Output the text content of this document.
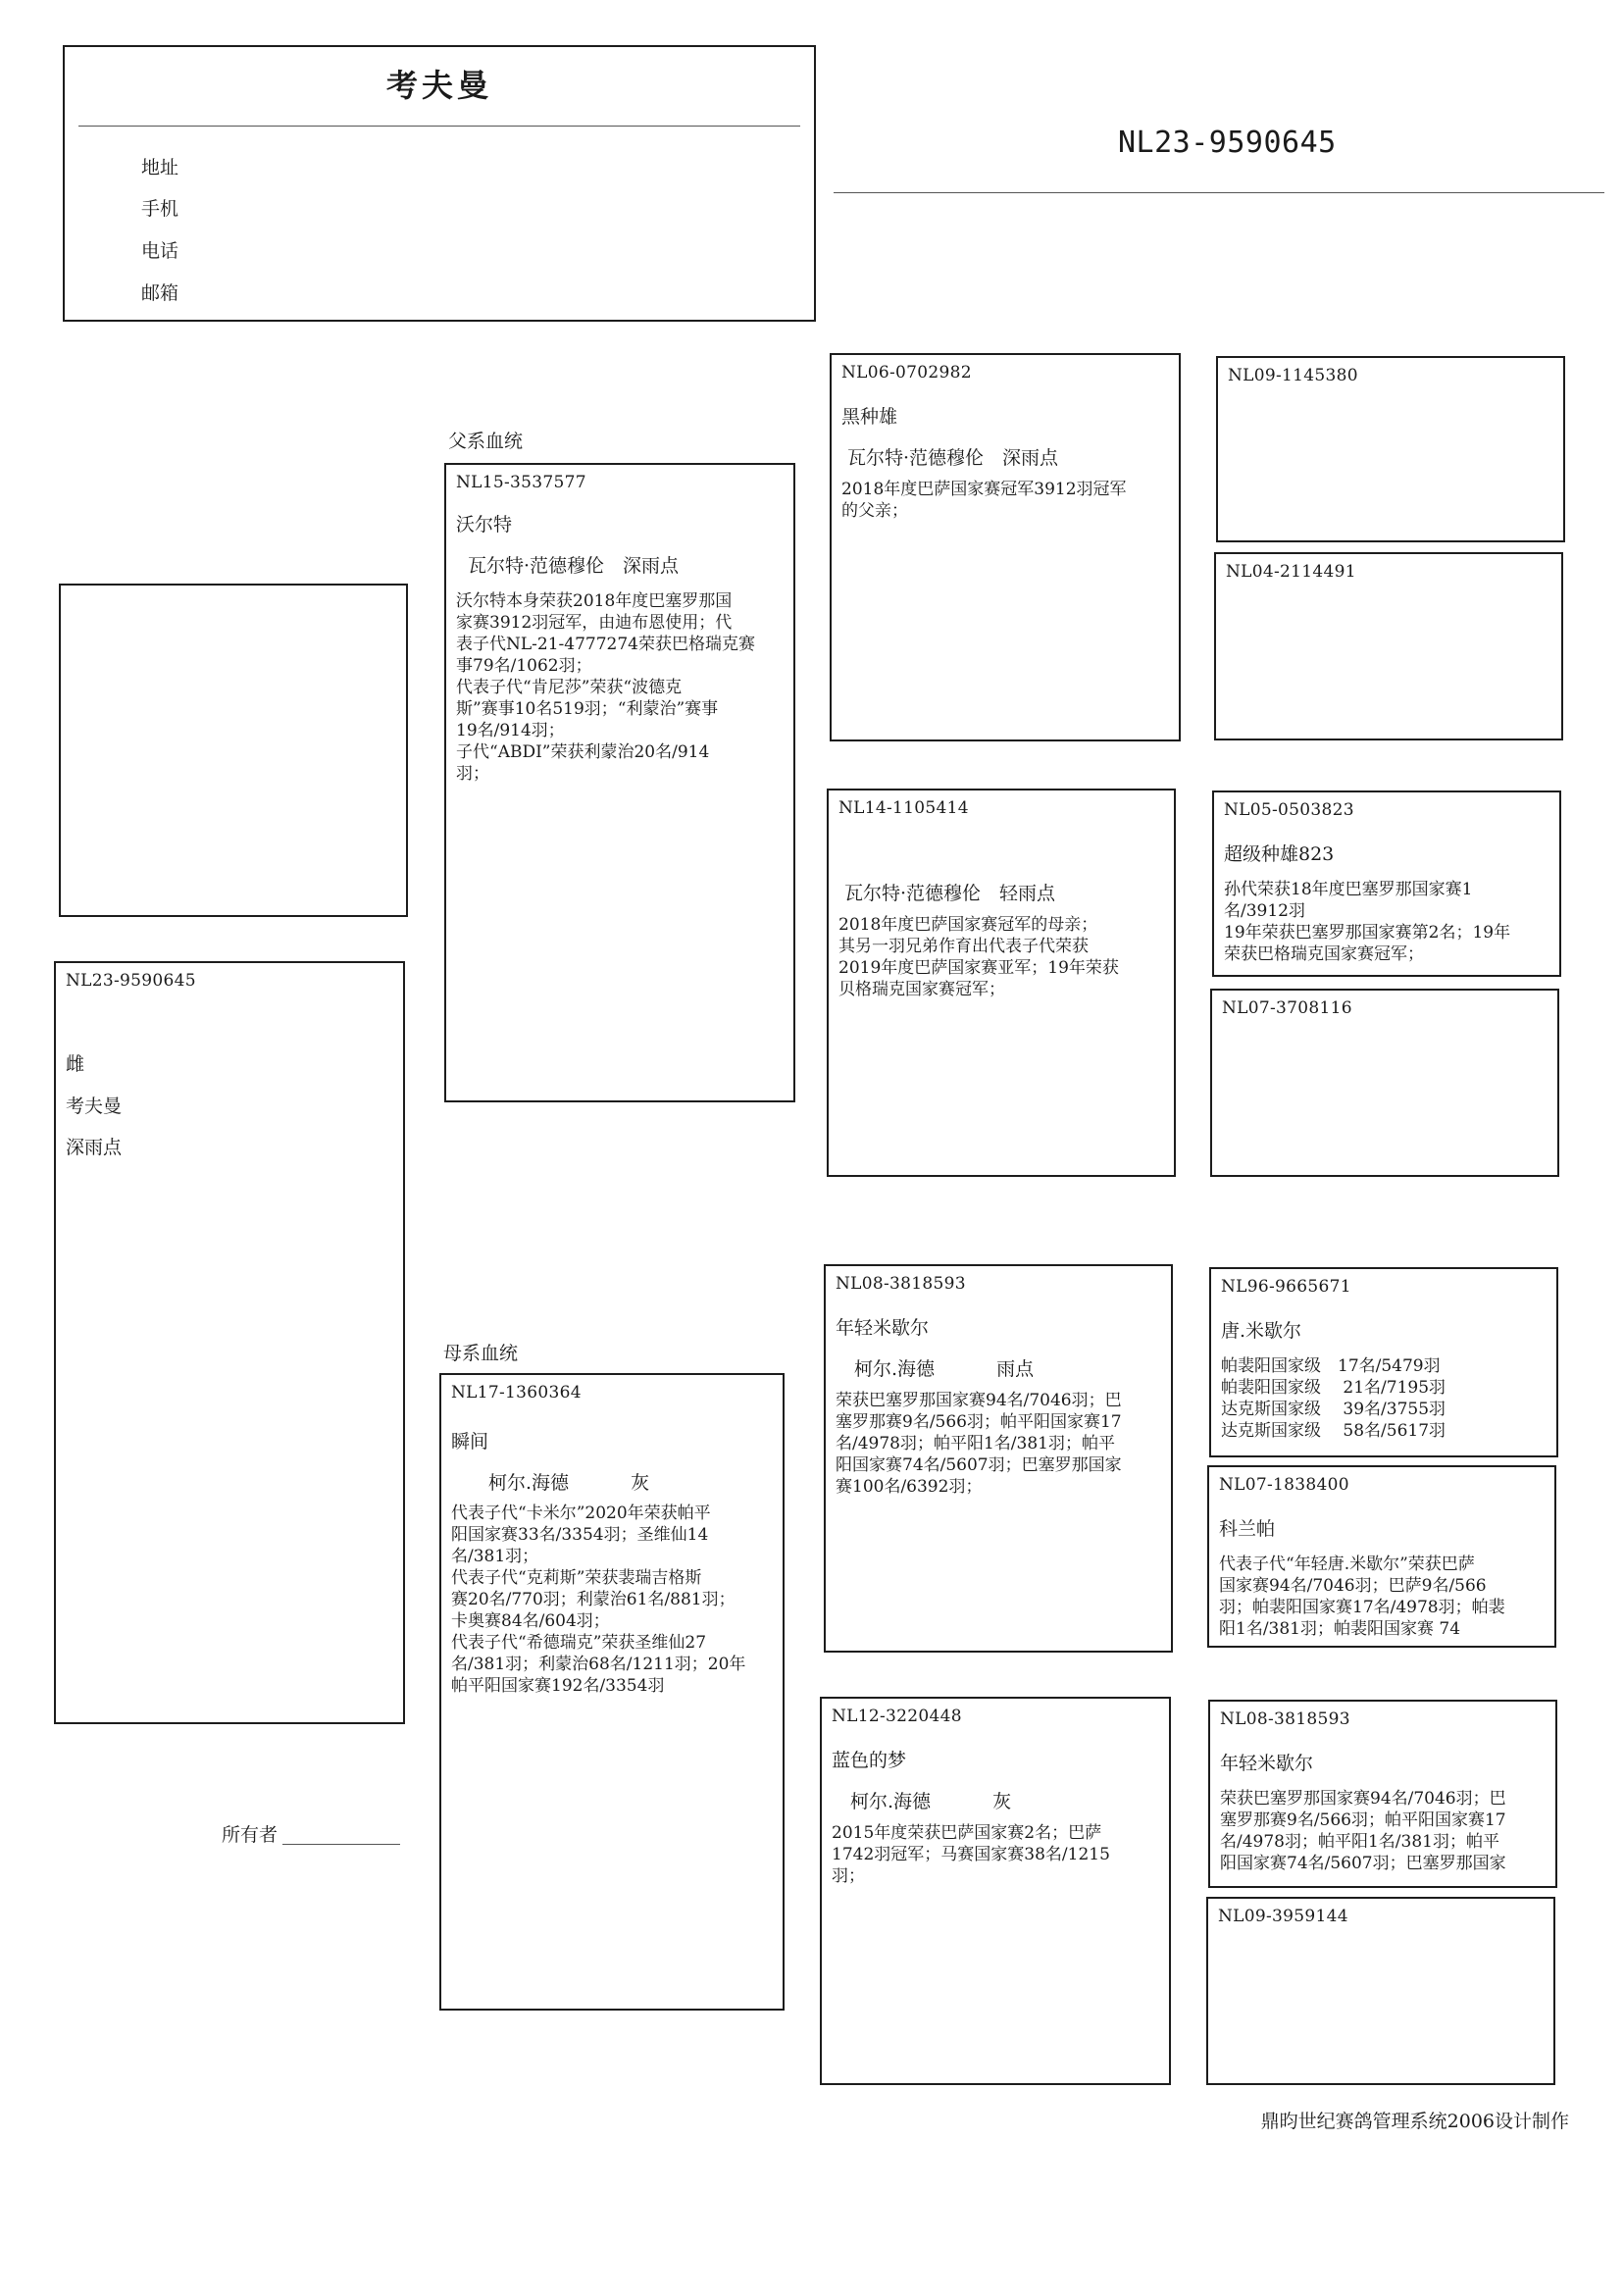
考夫曼
地址
手机
电话
邮箱
NL23-9590645
NL23-9590645
雌
考夫曼
深雨点
所有者
父系血统
母系血统
NL15-3537577
沃尔特
瓦尔特·范德穆伦　深雨点
沃尔特本身荣获2018年度巴塞罗那国
家赛3912羽冠军，由迪布恩使用；代
表子代NL-21-4777274荣获巴格瑞克赛
事79名/1062羽；
代表子代“肯尼莎”荣获“波德克
斯”赛事10名519羽；“利蒙治”赛事
19名/914羽；
子代“ABDI”荣获利蒙治20名/914
羽；
NL17-1360364
瞬间
　　柯尔.海德　　　 灰
代表子代“卡米尔”2020年荣获帕平
阳国家赛33名/3354羽；圣维仙14
名/381羽；
代表子代“克莉斯”荣获裴瑞吉格斯
赛20名/770羽；利蒙治61名/881羽；
卡奥赛84名/604羽；
代表子代“希德瑞克”荣获圣维仙27
名/381羽；利蒙治68名/1211羽；20年
帕平阳国家赛192名/3354羽
NL06-0702982
黑种雄
瓦尔特·范德穆伦　深雨点
2018年度巴萨国家赛冠军3912羽冠军
的父亲；
NL14-1105414
瓦尔特·范德穆伦　轻雨点
2018年度巴萨国家赛冠军的母亲；
其另一羽兄弟作育出代表子代荣获
2019年度巴萨国家赛亚军；19年荣获
贝格瑞克国家赛冠军；
NL08-3818593
年轻米歇尔
　柯尔.海德　　　 雨点
荣获巴塞罗那国家赛94名/7046羽；巴
塞罗那赛9名/566羽；帕平阳国家赛17
名/4978羽；帕平阳1名/381羽；帕平
阳国家赛74名/5607羽；巴塞罗那国家
赛100名/6392羽；
NL12-3220448
蓝色的梦
　柯尔.海德　　　 灰
2015年度荣获巴萨国家赛2名；巴萨
1742羽冠军；马赛国家赛38名/1215
羽；
NL09-1145380
NL04-2114491
NL05-0503823
超级种雄823
孙代荣获18年度巴塞罗那国家赛1
名/3912羽
19年荣获巴塞罗那国家赛第2名；19年
荣获巴格瑞克国家赛冠军；
NL07-3708116
NL96-9665671
唐.米歇尔
帕裴阳国家级　17名/5479羽
帕裴阳国家级　 21名/7195羽
达克斯国家级　 39名/3755羽
达克斯国家级　 58名/5617羽
NL07-1838400
科兰帕
代表子代“年轻唐.米歇尔”荣获巴萨
国家赛94名/7046羽；巴萨9名/566
羽；帕裴阳国家赛17名/4978羽；帕裴
阳1名/381羽；帕裴阳国家赛 74
NL08-3818593
年轻米歇尔
荣获巴塞罗那国家赛94名/7046羽；巴
塞罗那赛9名/566羽；帕平阳国家赛17
名/4978羽；帕平阳1名/381羽；帕平
阳国家赛74名/5607羽；巴塞罗那国家
NL09-3959144
鼎昀世纪赛鸽管理系统2006设计制作
